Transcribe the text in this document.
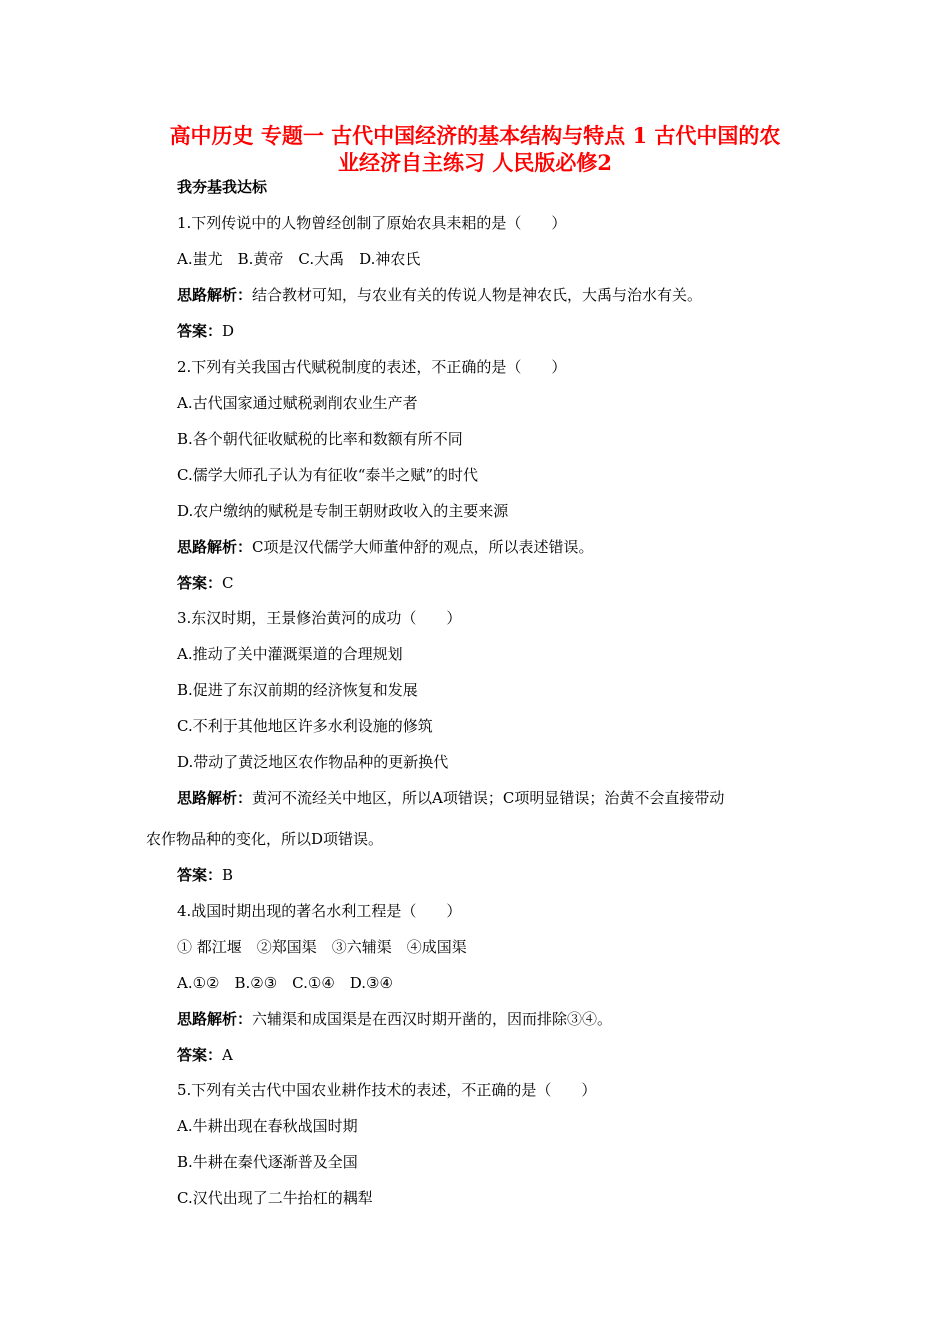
高中历史 专题一 古代中国经济的基本结构与特点 1 古代中国的农
业经济自主练习 人民版必修2
我夯基我达标
1.下列传说中的人物曾经创制了原始农具耒耜的是（　　）
A.蚩尤　B.黄帝　C.大禹　D.神农氏
思路解析：结合教材可知，与农业有关的传说人物是神农氏，大禹与治水有关。
答案：D
2.下列有关我国古代赋税制度的表述，不正确的是（　　）
A.古代国家通过赋税剥削农业生产者
B.各个朝代征收赋税的比率和数额有所不同
C.儒学大师孔子认为有征收“泰半之赋”的时代
D.农户缴纳的赋税是专制王朝财政收入的主要来源
思路解析：C项是汉代儒学大师董仲舒的观点，所以表述错误。
答案：C
3.东汉时期，王景修治黄河的成功（　　）
A.推动了关中灌溉渠道的合理规划
B.促进了东汉前期的经济恢复和发展
C.不利于其他地区许多水利设施的修筑
D.带动了黄泛地区农作物品种的更新换代
思路解析：黄河不流经关中地区，所以A项错误；C项明显错误；治黄不会直接带动
农作物品种的变化，所以D项错误。
答案：B
4.战国时期出现的著名水利工程是（　　）
① 都江堰　②郑国渠　③六辅渠　④成国渠
A.①②　B.②③　C.①④　D.③④
思路解析：六辅渠和成国渠是在西汉时期开凿的，因而排除③④。
答案：A
5.下列有关古代中国农业耕作技术的表述，不正确的是（　　）
A.牛耕出现在春秋战国时期
B.牛耕在秦代逐渐普及全国
C.汉代出现了二牛抬杠的耦犁
